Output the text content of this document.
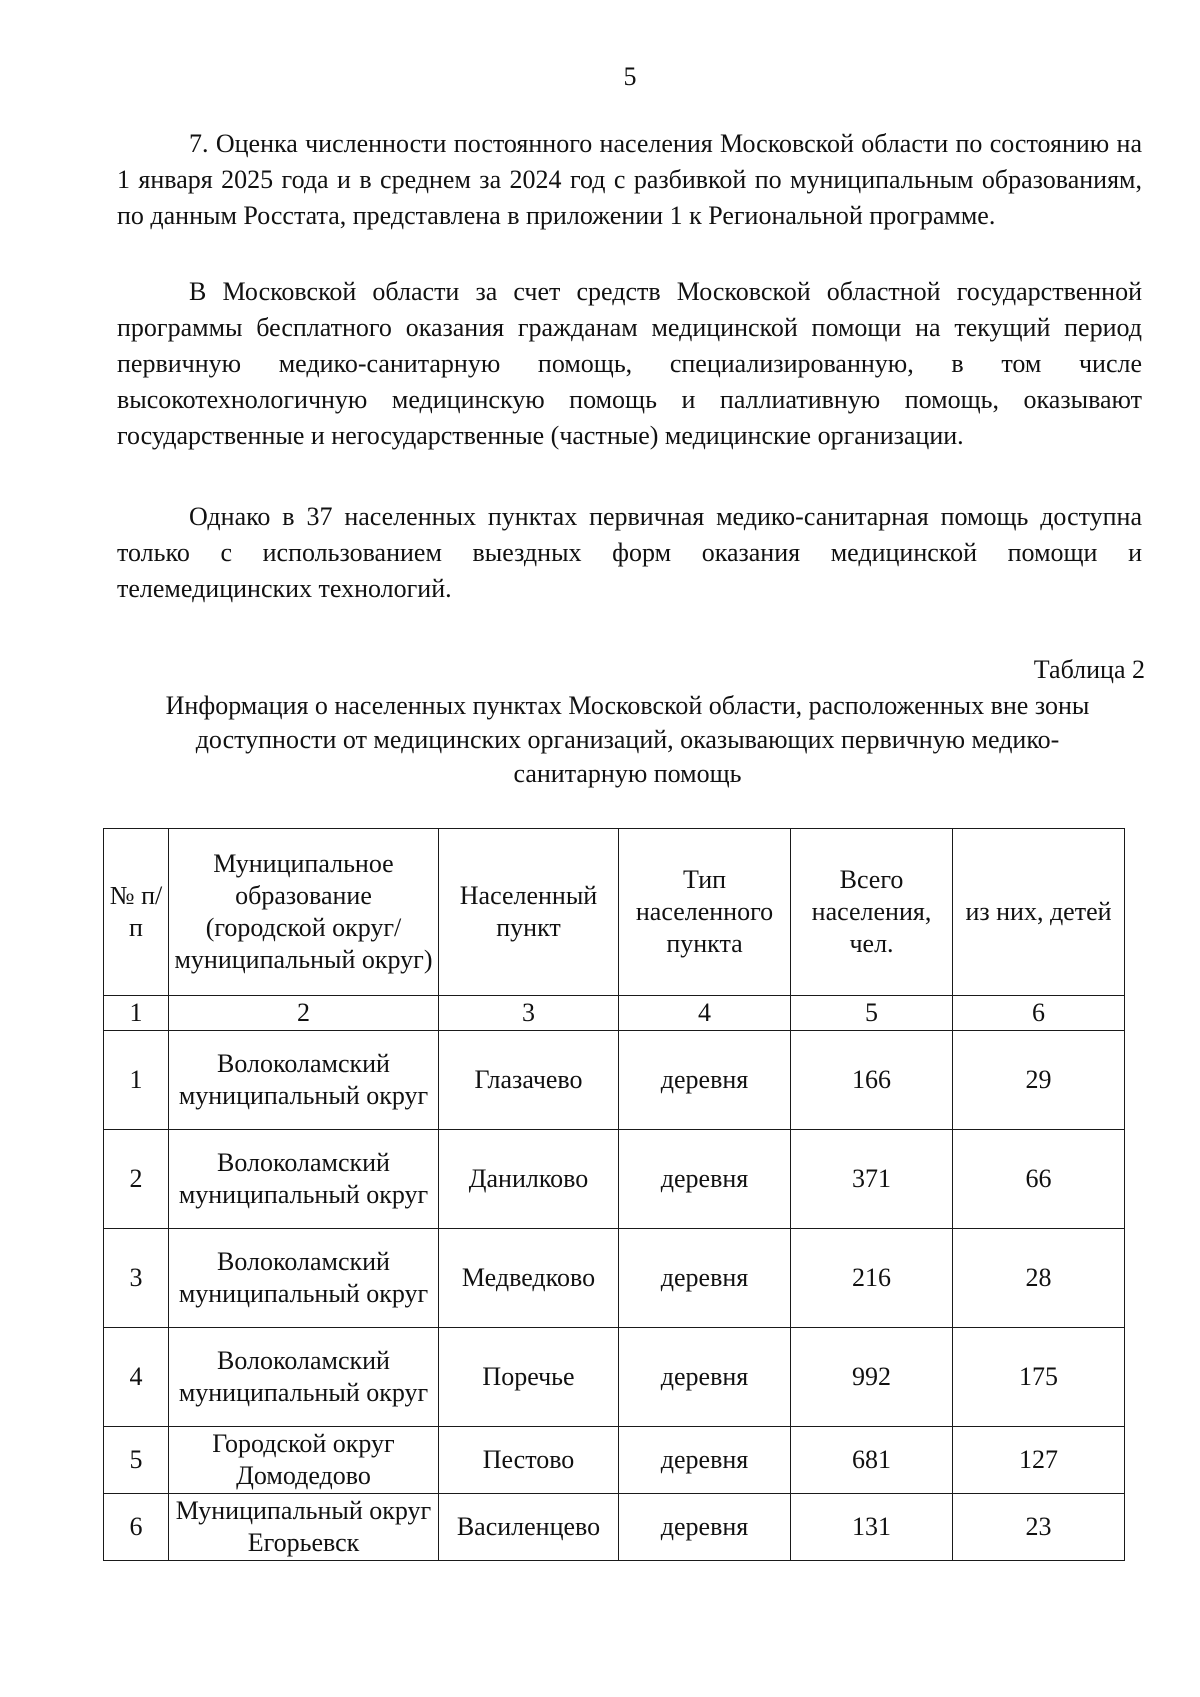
5

7. Оценка численности постоянного населения Московской области по состоянию на 1 января 2025 года и в среднем за 2024 год с разбивкой по муниципальным образованиям, по данным Росстата, представлена в приложении 1 к Региональной программе.

В Московской области за счет средств Московской областной государственной программы бесплатного оказания гражданам медицинской помощи на текущий период первичную медико-санитарную помощь, специализированную, в том числе высокотехнологичную медицинскую помощь и паллиативную помощь, оказывают государственные и негосударственные (частные) медицинские организации.

Однако в 37 населенных пунктах первичная медико-санитарная помощь доступна только с использованием выездных форм оказания медицинской помощи и телемедицинских технологий.

Таблица 2
Информация о населенных пунктах Московской области, расположенных вне зоны доступности от медицинских организаций, оказывающих первичную медико-санитарную помощь
№ п/п	Муниципальное образование (городской округ/ муниципальный округ)	Населенный пункт	Тип населенного пункта	Всего населения, чел.	из них, детей
1	2	3	4	5	6
1	Волоколамский муниципальный округ	Глазачево	деревня	166	29
2	Волоколамский муниципальный округ	Данилково	деревня	371	66
3	Волоколамский муниципальный округ	Медведково	деревня	216	28
4	Волоколамский муниципальный округ	Поречье	деревня	992	175
5	Городской округ Домодедово	Пестово	деревня	681	127
6	Муниципальный округ Егорьевск	Василенцево	деревня	131	23
